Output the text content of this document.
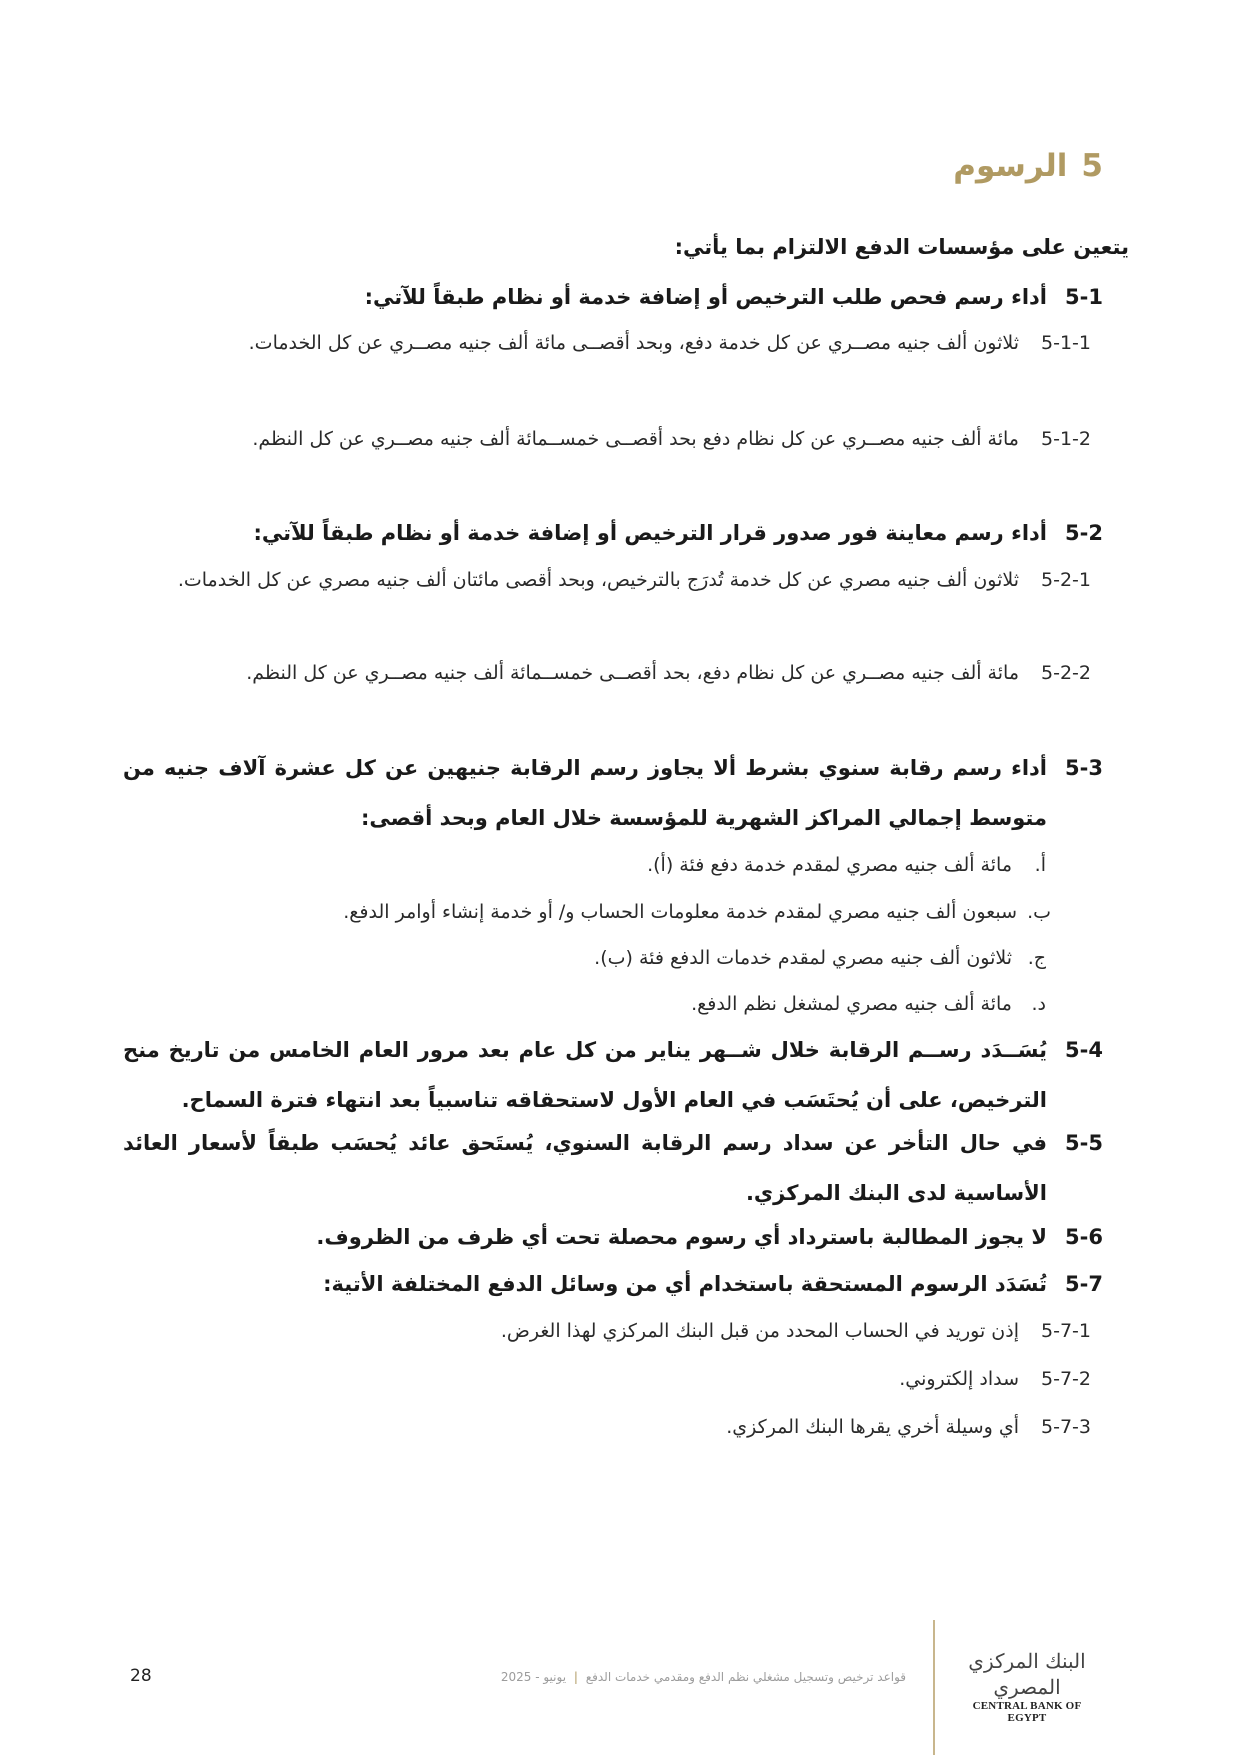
5
الرسوم
يتعين على مؤسسات الدفع الالتزام بما يأتي:
5-1
أداء رسم فحص طلب الترخيص أو إضافة خدمة أو نظام طبقاً للآتي:
5-1-1
ثلاثون ألف جنيه مصــري عن كل خدمة دفع، وبحد أقصــى مائة ألف جنيه مصــري عن كل الخدمات.
5-1-2
مائة ألف جنيه مصــري عن كل نظام دفع بحد أقصــى خمســمائة ألف جنيه مصــري عن كل النظم.
5-2
أداء رسم معاينة فور صدور قرار الترخيص أو إضافة خدمة أو نظام طبقاً للآتي:
5-2-1
ثلاثون ألف جنيه مصري عن كل خدمة تُدرَج بالترخيص، وبحد أقصى مائتان ألف جنيه مصري عن كل الخدمات.
5-2-2
مائة ألف جنيه مصــري عن كل نظام دفع، بحد أقصــى خمســمائة ألف جنيه مصــري عن كل النظم.
5-3
أداء رسم رقابة سنوي بشرط ألا يجاوز رسم الرقابة جنيهين عن كل عشرة آلاف جنيه من متوسط إجمالي المراكز الشهرية للمؤسسة خلال العام وبحد أقصى:
أ.
مائة ألف جنيه مصري لمقدم خدمة دفع فئة (أ).
ب.
سبعون ألف جنيه مصري لمقدم خدمة معلومات الحساب و/ أو خدمة إنشاء أوامر الدفع.
ج.
ثلاثون ألف جنيه مصري لمقدم خدمات الدفع فئة (ب).
د.
مائة ألف جنيه مصري لمشغل نظم الدفع.
5-4
يُسَــدَد رســم الرقابة خلال شــهر يناير من كل عام بعد مرور العام الخامس من تاريخ منح الترخيص، على أن يُحتَسَب في العام الأول لاستحقاقه تناسبياً بعد انتهاء فترة السماح.
5-5
في حال التأخر عن سداد رسم الرقابة السنوي، يُستَحق عائد يُحسَب طبقاً لأسعار العائد الأساسية لدى البنك المركزي.
5-6
لا يجوز المطالبة باسترداد أي رسوم محصلة تحت أي ظرف من الظروف.
5-7
تُسَدَد الرسوم المستحقة باستخدام أي من وسائل الدفع المختلفة الأتية:
5-7-1
إذن توريد في الحساب المحدد من قبل البنك المركزي لهذا الغرض.
5-7-2
سداد إلكتروني.
5-7-3
أي وسيلة أخري يقرها البنك المركزي.
قواعد ترخيص وتسجيل مشغلي نظم الدفع ومقدمي خدمات الدفع | يونيو - 2025
28
البنك المركزي المصري
CENTRAL BANK OF EGYPT
